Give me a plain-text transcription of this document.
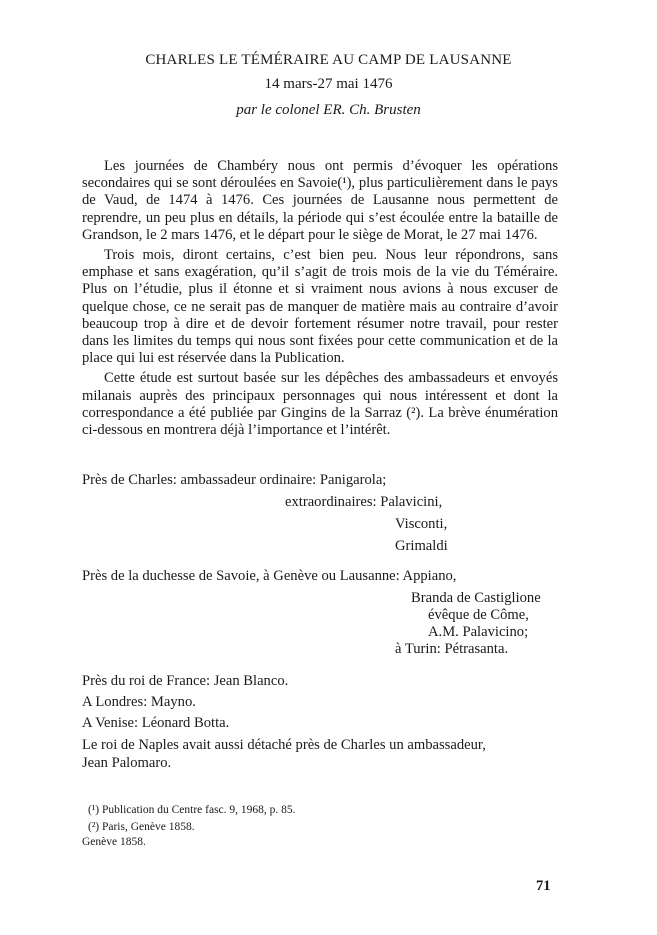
CHARLES LE TÉMÉRAIRE AU CAMP DE LAUSANNE
14 mars-27 mai 1476
par le colonel ER. Ch. Brusten

Les journées de Chambéry nous ont permis d’évoquer les opérations secondaires qui se sont déroulées en Savoie(¹), plus particulièrement dans le pays de Vaud, de 1474 à 1476. Ces journées de Lausanne nous permettent de reprendre, un peu plus en détails, la période qui s’est écoulée entre la bataille de Grandson, le 2 mars 1476, et le départ pour le siège de Morat, le 27 mai 1476.

Trois mois, diront certains, c’est bien peu. Nous leur répondrons, sans emphase et sans exagération, qu’il s’agit de trois mois de la vie du Téméraire. Plus on l’étudie, plus il étonne et si vraiment nous avions à nous excuser de quelque chose, ce ne serait pas de manquer de matière mais au contraire d’avoir beaucoup trop à dire et de devoir fortement résumer notre travail, pour rester dans les limites du temps qui nous sont fixées pour cette communication et de la place qui lui est réservée dans la Publication.

Cette étude est surtout basée sur les dépêches des ambassadeurs et envoyés milanais auprès des principaux personnages qui nous intéressent et dont la correspondance a été publiée par Gingins de la Sarraz (²). La brève énumération ci-dessous en montrera déjà l’importance et l’intérêt.

Près de Charles: ambassadeur ordinaire: Panigarola;
extraordinaires: Palavicini,
Visconti,
Grimaldi
Près de la duchesse de Savoie, à Genève ou Lausanne: Appiano,
Branda de Castiglione
évêque de Côme,
A.M. Palavicino;
à Turin: Pétrasanta.
Près du roi de France: Jean Blanco.
A Londres: Mayno.
A Venise: Léonard Botta.
Le roi de Naples avait aussi détaché près de Charles un ambassadeur,
Jean Palomaro.
(¹) Publication du Centre fasc. 9, 1968, p. 85.
(²) Paris, Genève 1858.
Genève 1858.
71
